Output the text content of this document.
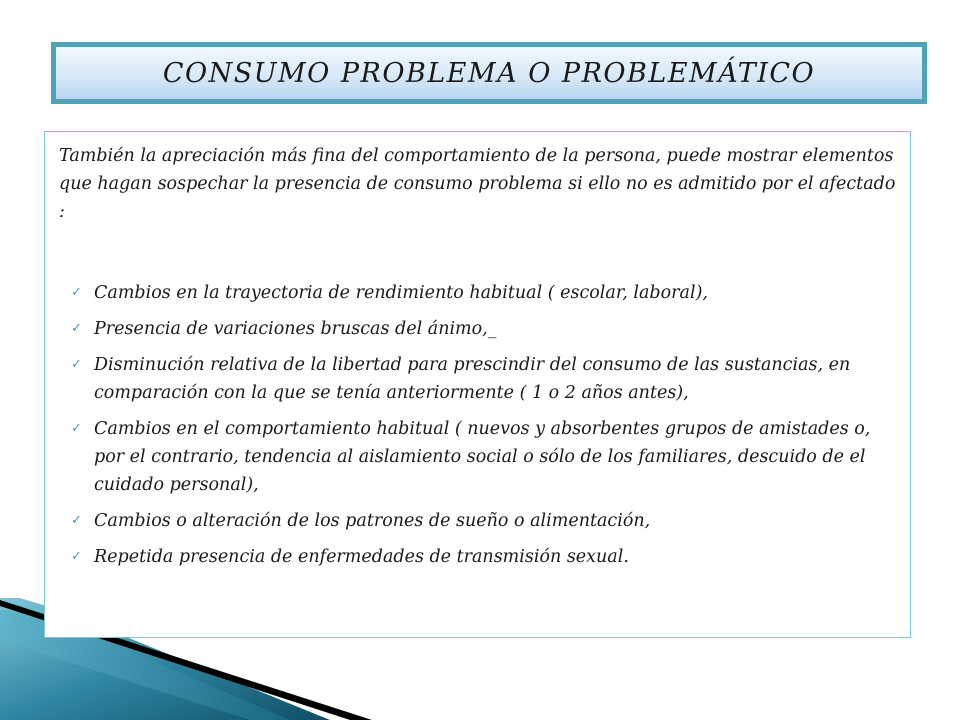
CONSUMO PROBLEMA O PROBLEMÁTICO

También la apreciación más fina del comportamiento de la persona, puede mostrar elementos que hagan sospechar la presencia de consumo problema si ello no es admitido por el afectado :

✓ Cambios en la trayectoria de rendimiento habitual ( escolar, laboral),
✓ Presencia de variaciones bruscas del ánimo,_
✓ Disminución relativa de la libertad para prescindir del consumo de las sustancias, en comparación con la que se tenía anteriormente ( 1 o 2 años antes),
✓ Cambios en el comportamiento habitual ( nuevos y absorbentes grupos de amistades o, por el contrario, tendencia al aislamiento social o sólo de los familiares, descuido de el cuidado personal),
✓ Cambios o alteración de los patrones de sueño o alimentación,
✓ Repetida presencia de enfermedades de transmisión sexual.
